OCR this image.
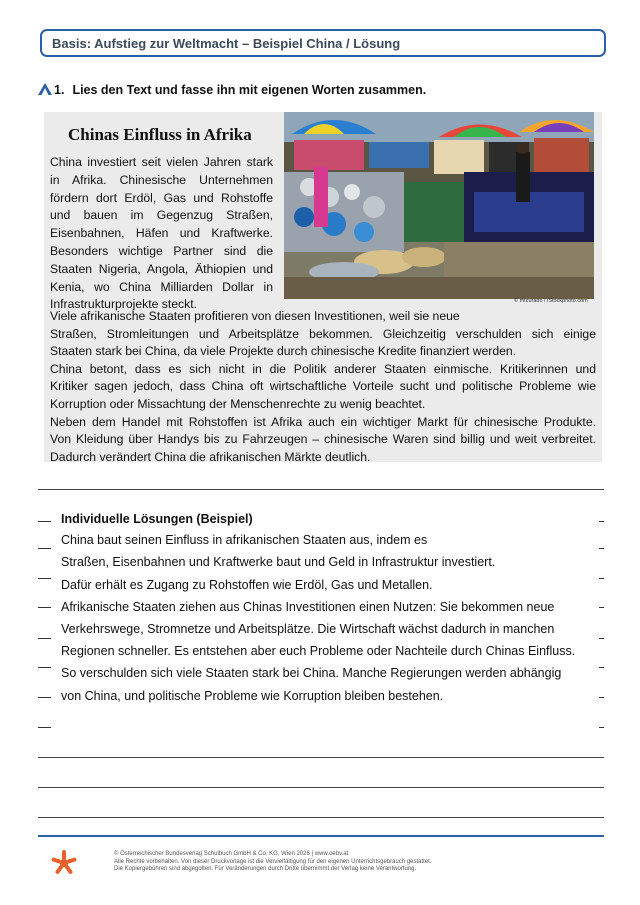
Basis: Aufstieg zur Weltmacht – Beispiel China / Lösung
1. Lies den Text und fasse ihn mit eigenen Worten zusammen.
Chinas Einfluss in Afrika
China investiert seit vielen Jahren stark
in Afrika. Chinesische Unternehmen
fördern dort Erdöl, Gas und Rohstoffe
und bauen im Gegenzug Straßen,
Eisenbahnen, Häfen und Kraftwerke.
Besonders wichtige Partner sind die
Staaten Nigeria, Angola, Äthiopien und
Kenia, wo China Milliarden Dollar in
Infrastrukturprojekte steckt.	© mtcurado / iStockphoto.com
Viele afrikanische Staaten profitieren von diesen Investitionen, weil sie neue
Straßen, Stromleitungen und Arbeitsplätze bekommen. Gleichzeitig verschulden sich einige
Staaten stark bei China, da viele Projekte durch chinesische Kredite finanziert werden.
China betont, dass es sich nicht in die Politik anderer Staaten einmische. Kritikerinnen und
Kritiker sagen jedoch, dass China oft wirtschaftliche Vorteile sucht und politische Probleme wie
Korruption oder Missachtung der Menschenrechte zu wenig beachtet.
Neben dem Handel mit Rohstoffen ist Afrika auch ein wichtiger Markt für chinesische Produkte.
Von Kleidung über Handys bis zu Fahrzeugen – chinesische Waren sind billig und weit verbreitet.
Dadurch verändert China die afrikanischen Märkte deutlich.
Individuelle Lösungen (Beispiel)
China baut seinen Einfluss in afrikanischen Staaten aus, indem es
Straßen, Eisenbahnen und Kraftwerke baut und Geld in Infrastruktur investiert.
Dafür erhält es Zugang zu Rohstoffen wie Erdöl, Gas und Metallen.
Afrikanische Staaten ziehen aus Chinas Investitionen einen Nutzen: Sie bekommen neue
Verkehrswege, Stromnetze und Arbeitsplätze. Die Wirtschaft wächst dadurch in manchen
Regionen schneller. Es entstehen aber euch Probleme oder Nachteile durch Chinas Einfluss.
So verschulden sich viele Staaten stark bei China. Manche Regierungen werden abhängig
von China, und politische Probleme wie Korruption bleiben bestehen.
© Österreichischer Bundesverlag Schulbuch GmbH & Co. KG, Wien 2026 | www.oebv.at
Alle Rechte vorbehalten. Von dieser Druckvorlage ist die Vervielfältigung für den eigenen Unterrichtsgebrauch gestattet.
Die Kopiergebühren sind abgegolten. Für Veränderungen durch Dritte übernimmt der Verlag keine Verantwortung.
